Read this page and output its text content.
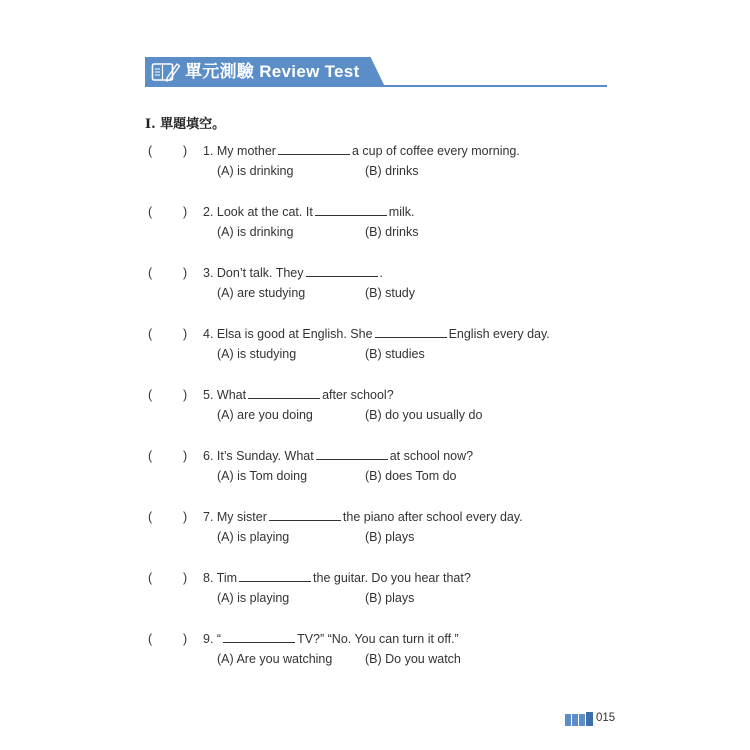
單元測驗 Review Test
I. 單題填空。
( ) 1. My mother	a cup of coffee every morning.
(A) is drinking	(B) drinks
( ) 2. Look at the cat. It	milk.
(A) is drinking	(B) drinks
( ) 3. Don’t talk. They	.
(A) are studying	(B) study
( ) 4. Elsa is good at English. She	English every day.
(A) is studying	(B) studies
( ) 5. What	after school?
(A) are you doing	(B) do you usually do
( ) 6. It’s Sunday. What	at school now?
(A) is Tom doing	(B) does Tom do
( ) 7. My sister	the piano after school every day.
(A) is playing	(B) plays
( ) 8. Tim	the guitar. Do you hear that?
(A) is playing	(B) plays
( ) 9. “	TV?” “No. You can turn it off.”
(A) Are you watching	(B) Do you watch
015
